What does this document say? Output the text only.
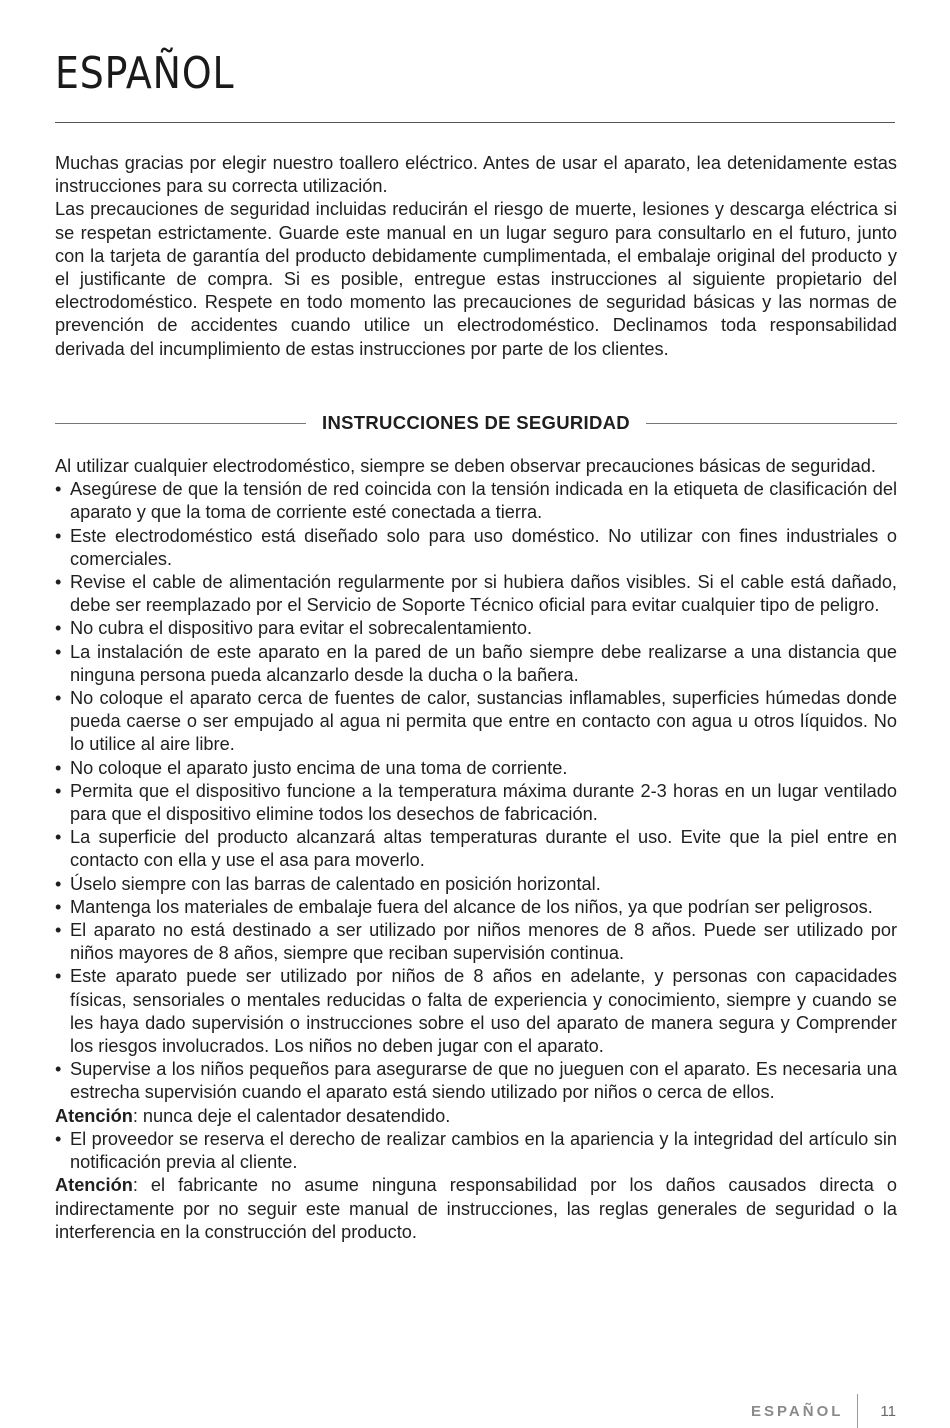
ESPAÑOL

Muchas gracias por elegir nuestro toallero eléctrico. Antes de usar el aparato, lea detenidamente estas instrucciones para su correcta utilización.

Las precauciones de seguridad incluidas reducirán el riesgo de muerte, lesiones y descarga eléctrica si se respetan estrictamente. Guarde este manual en un lugar seguro para consultarlo en el futuro, junto con la tarjeta de garantía del producto debidamente cumplimentada, el embalaje original del producto y el justificante de compra. Si es posible, entregue estas instrucciones al siguiente propietario del electrodoméstico. Respete en todo momento las precauciones de seguridad básicas y las normas de prevención de accidentes cuando utilice un electrodoméstico. Declinamos toda responsabilidad derivada del incumplimiento de estas instrucciones por parte de los clientes.

INSTRUCCIONES DE SEGURIDAD

Al utilizar cualquier electrodoméstico, siempre se deben observar precauciones básicas de seguridad.

• Asegúrese de que la tensión de red coincida con la tensión indicada en la etiqueta de clasificación del aparato y que la toma de corriente esté conectada a tierra.
• Este electrodoméstico está diseñado solo para uso doméstico. No utilizar con fines industriales o comerciales.
• Revise el cable de alimentación regularmente por si hubiera daños visibles. Si el cable está dañado, debe ser reemplazado por el Servicio de Soporte Técnico oficial para evitar cualquier tipo de peligro.
• No cubra el dispositivo para evitar el sobrecalentamiento.
• La instalación de este aparato en la pared de un baño siempre debe realizarse a una distancia que ninguna persona pueda alcanzarlo desde la ducha o la bañera.
• No coloque el aparato cerca de fuentes de calor, sustancias inflamables, superficies húmedas donde pueda caerse o ser empujado al agua ni permita que entre en contacto con agua u otros líquidos. No lo utilice al aire libre.
• No coloque el aparato justo encima de una toma de corriente.
• Permita que el dispositivo funcione a la temperatura máxima durante 2-3 horas en un lugar ventilado para que el dispositivo elimine todos los desechos de fabricación.
• La superficie del producto alcanzará altas temperaturas durante el uso. Evite que la piel entre en contacto con ella y use el asa para moverlo.
• Úselo siempre con las barras de calentado en posición horizontal.
• Mantenga los materiales de embalaje fuera del alcance de los niños, ya que podrían ser peligrosos.
• El aparato no está destinado a ser utilizado por niños menores de 8 años. Puede ser utilizado por niños mayores de 8 años, siempre que reciban supervisión continua.
• Este aparato puede ser utilizado por niños de 8 años en adelante, y personas con capacidades físicas, sensoriales o mentales reducidas o falta de experiencia y conocimiento, siempre y cuando se les haya dado supervisión o instrucciones sobre el uso del aparato de manera segura y Comprender los riesgos involucrados. Los niños no deben jugar con el aparato.
• Supervise a los niños pequeños para asegurarse de que no jueguen con el aparato. Es necesaria una estrecha supervisión cuando el aparato está siendo utilizado por niños o cerca de ellos.

Atención: nunca deje el calentador desatendido.

• El proveedor se reserva el derecho de realizar cambios en la apariencia y la integridad del artículo sin notificación previa al cliente.

Atención: el fabricante no asume ninguna responsabilidad por los daños causados directa o indirectamente por no seguir este manual de instrucciones, las reglas generales de seguridad o la interferencia en la construcción del producto.

ESPAÑOL 11
